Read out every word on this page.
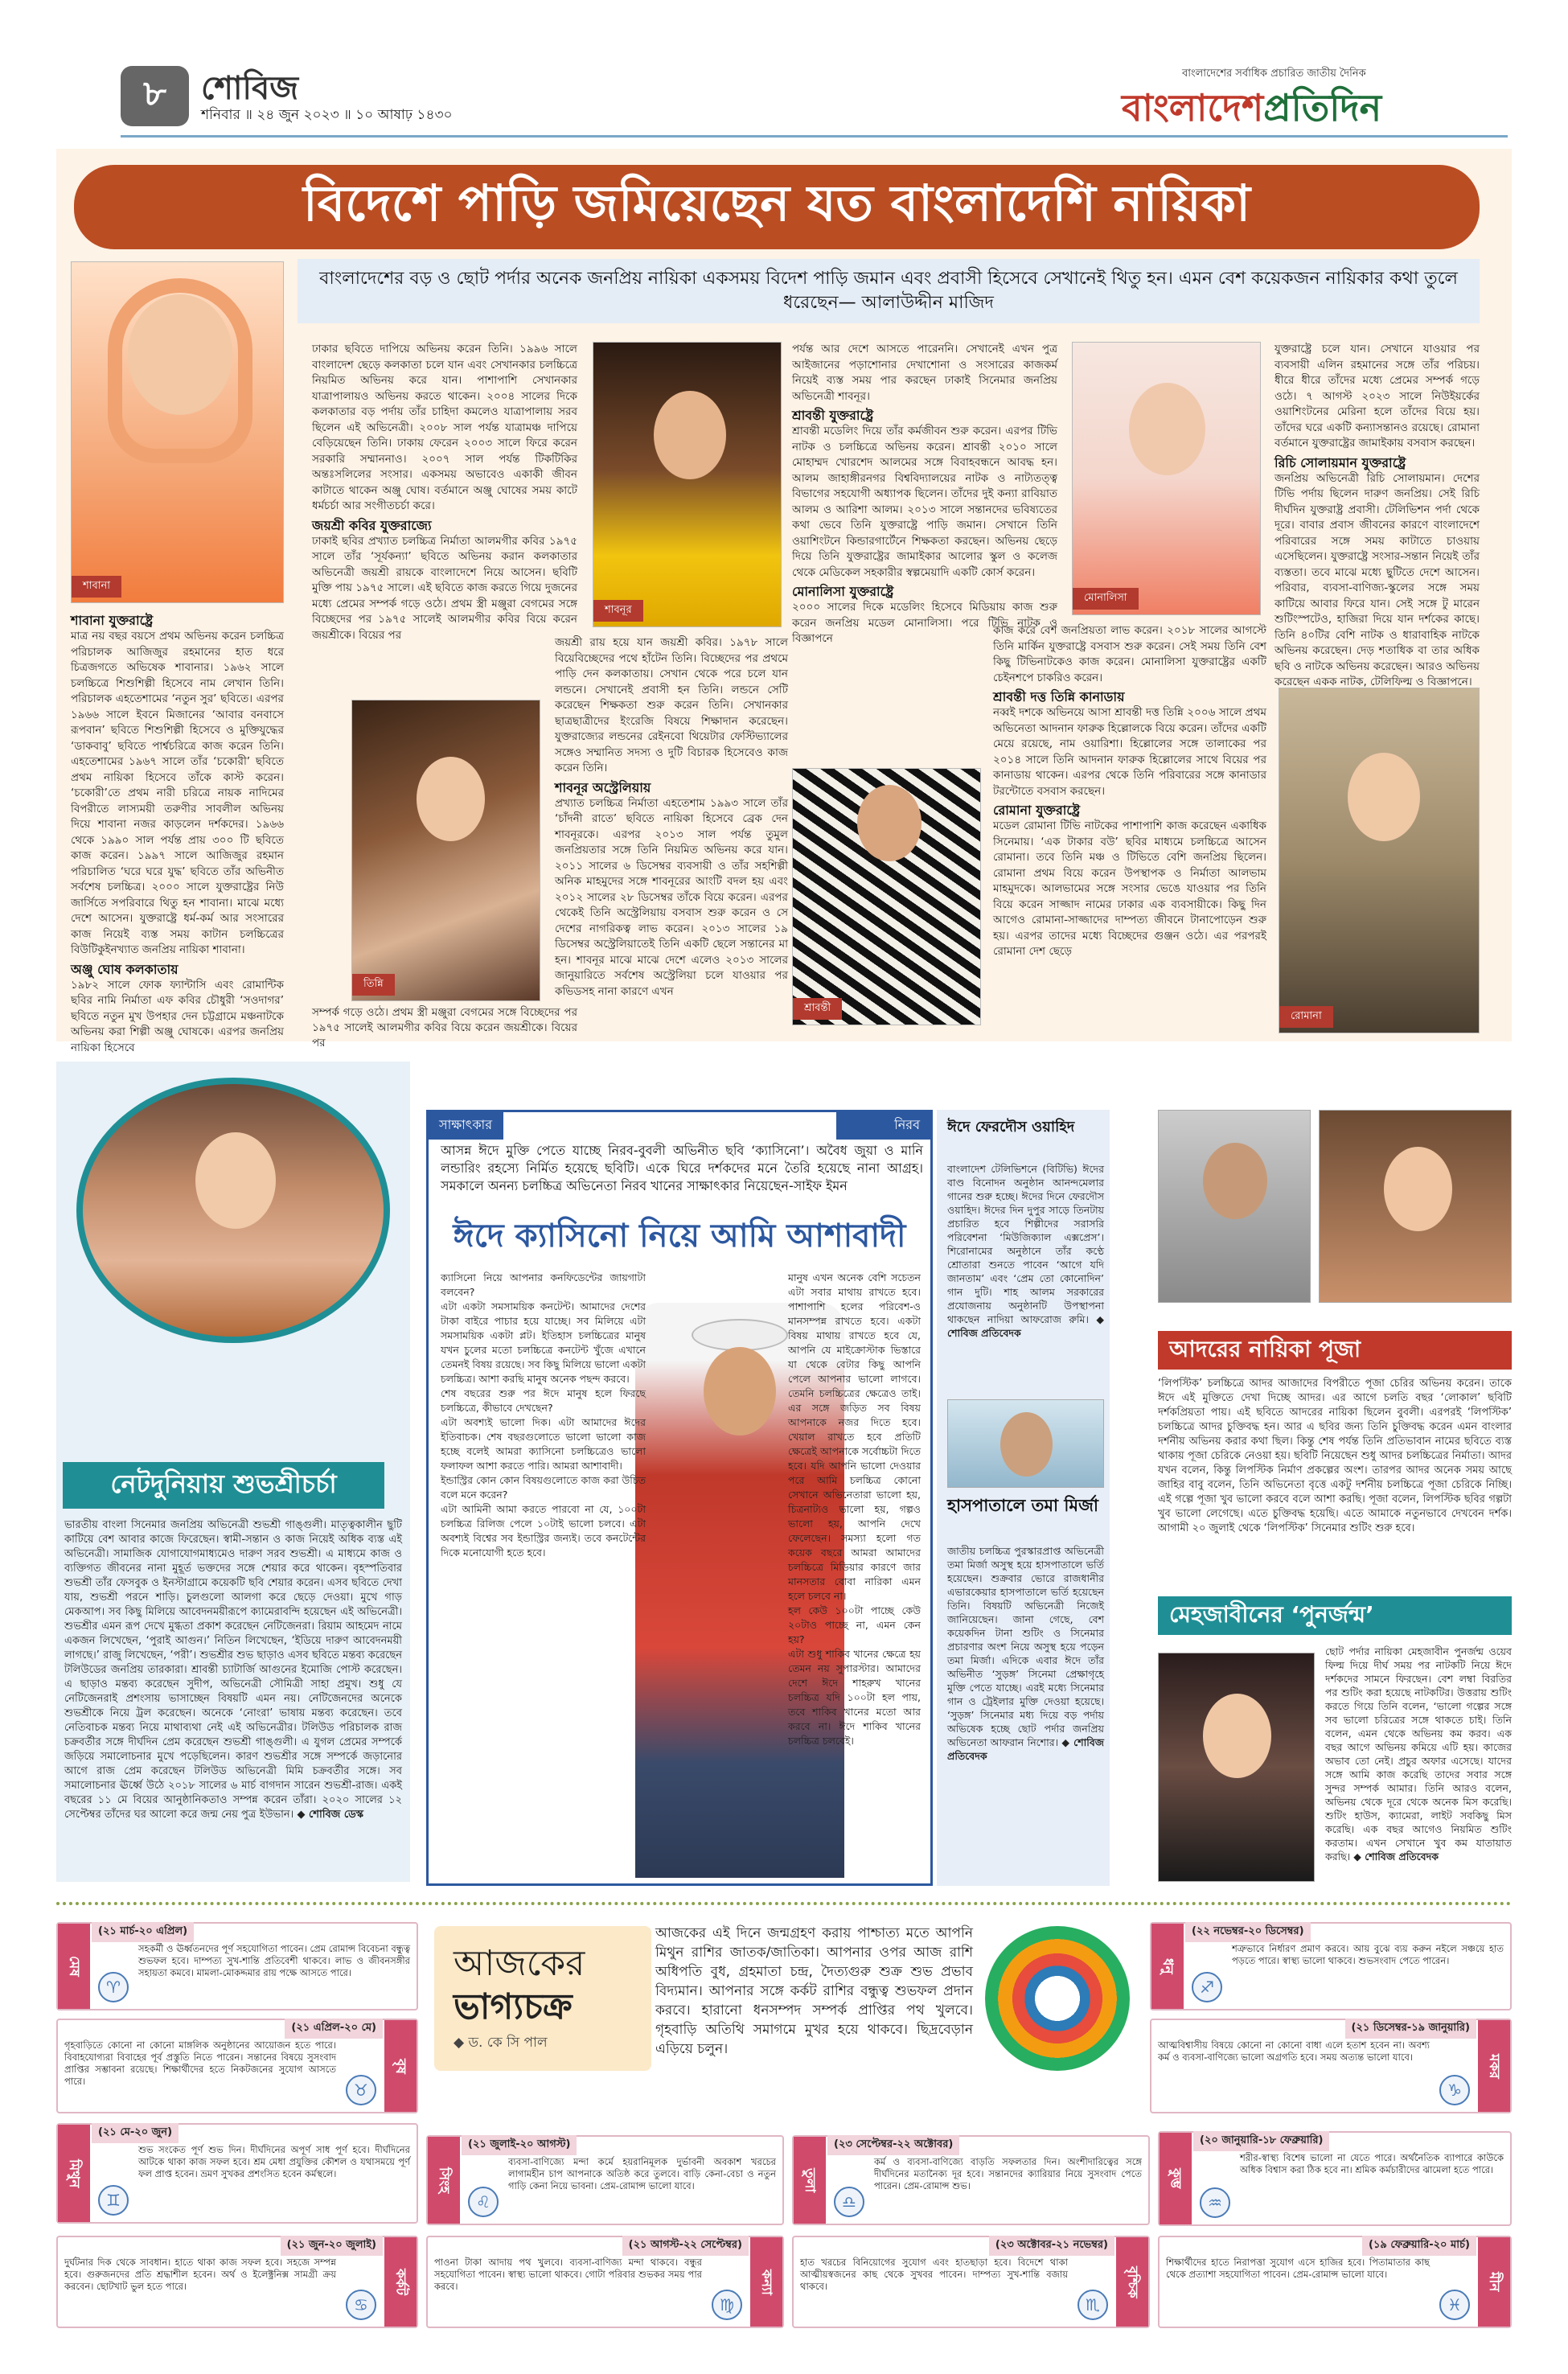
৮ শোবিজ
শনিবার ॥ ২৪ জুন ২০২৩ ॥ ১০ আষাঢ় ১৪৩০
বাংলাদেশের সর্বাধিক প্রচারিত জাতীয় দৈনিক
বাংলাদেশপ্রতিদিন
বিদেশে পাড়ি জমিয়েছেন যত বাংলাদেশি নায়িকা

বাংলাদেশের বড় ও ছোট পর্দার অনেক জনপ্রিয় নায়িকা একসময় বিদেশ পাড়ি জমান এবং প্রবাসী হিসেবে সেখানেই থিতু হন। এমন বেশ কয়েকজন নায়িকার কথা তুলে ধরেছেন— আলাউদ্দীন মাজিদ

শাবানা
শাবনূর
তিন্নি
শ্রাবন্তী
মোনালিসা
রোমানা
শাবানা যুক্তরাষ্ট্রে

মাত্র নয় বছর বয়সে প্রথম অভিনয় করেন চলচ্চিত্র পরিচালক আজিজুর রহমানের হাত ধরে চিত্রজগতে অভিষেক শাবানার। ১৯৬২ সালে চলচ্চিত্রে শিশুশিল্পী হিসেবে নাম লেখান তিনি। পরিচালক এহতেশামের ‘নতুন সুর’ ছবিতে। এরপর ১৯৬৬ সালে ইবনে মিজানের ‘আবার বনবাসে রূপবান’ ছবিতে শিশুশিল্পী হিসেবে ও মুক্তিযুদ্ধের ‘ডাকবাবু’ ছবিতে পার্শ্বচরিত্রে কাজ করেন তিনি। এহতেশামের ১৯৬৭ সালে তাঁর ‘চকোরী’ ছবিতে প্রথম নায়িকা হিসেবে তাঁকে কাস্ট করেন। ‘চকোরী’তে প্রথম নারী চরিত্রে নায়ক নাদিমের বিপরীতে লাস্যময়ী তরুণীর সাবলীল অভিনয় দিয়ে শাবানা নজর কাড়লেন দর্শকদের। ১৯৬৬ থেকে ১৯৯০ সাল পর্যন্ত প্রায় ৩০০ টি ছবিতে কাজ করেন। ১৯৯৭ সালে আজিজুর রহমান পরিচালিত ‘ঘরে ঘরে যুদ্ধ’ ছবিতে তাঁর অভিনীত সর্বশেষ চলচ্চিত্র। ২০০০ সালে যুক্তরাষ্ট্রের নিউ জার্সিতে সপরিবারে থিতু হন শাবানা। মাঝে মধ্যে দেশে আসেন। যুক্তরাষ্ট্রে ধর্ম-কর্ম আর সংসারের কাজ নিয়েই ব্যস্ত সময় কাটান চলচ্চিত্রের বিউটিকুইনখ্যাত জনপ্রিয় নায়িকা শাবানা।

অঞ্জু ঘোষ কলকাতায়

১৯৮২ সালে ফোক ফ্যান্টাসি এবং রোমান্টিক ছবির নামি নির্মাতা এফ কবির চৌধুরী ‘সওদাগর’ ছবিতে নতুন মুখ উপহার দেন চট্টগ্রামে মঞ্চনাটকে অভিনয় করা শিল্পী অঞ্জু ঘোষকে। এরপর জনপ্রিয় নায়িকা হিসেবে

ঢাকার ছবিতে দাপিয়ে অভিনয় করেন তিনি। ১৯৯৬ সালে বাংলাদেশ ছেড়ে কলকাতা চলে যান এবং সেখানকার চলচ্চিত্রে নিয়মিত অভিনয় করে যান। পাশাপাশি সেখানকার যাত্রাপালায়ও অভিনয় করতে থাকেন। ২০০৪ সালের দিকে কলকাতার বড় পর্দায় তাঁর চাহিদা কমলেও যাত্রাপালায় সরব ছিলেন এই অভিনেত্রী। ২০০৮ সাল পর্যন্ত যাত্রামঞ্চ দাপিয়ে বেড়িয়েছেন তিনি। ঢাকায় ফেরেন ২০০৩ সালে ফিরে করেন সরকারি সম্মাননাও। ২০০৭ সাল পর্যন্ত টিকটিকির অন্তঃসলিলের সংসার। একসময় অভাবেও একাকী জীবন কাটাতে থাকেন অঞ্জু ঘোষ। বর্তমানে অঞ্জু ঘোষের সময় কাটে ধর্মচর্চা আর সংগীতচর্চা করে।

জয়শ্রী কবির যুক্তরাজ্যে

ঢাকাই ছবির প্রখ্যাত চলচ্চিত্র নির্মাতা আলমগীর কবির ১৯৭৫ সালে তাঁর ‘সূর্যকন্যা’ ছবিতে অভিনয় করান কলকাতার অভিনেত্রী জয়শ্রী রায়কে বাংলাদেশে নিয়ে আসেন। ছবিটি মুক্তি পায় ১৯৭৫ সালে। এই ছবিতে কাজ করতে গিয়ে দুজনের মধ্যে প্রেমের সম্পর্ক গড়ে ওঠে। প্রথম স্ত্রী মঞ্জুরা বেগমের সঙ্গে বিচ্ছেদের পর ১৯৭৫ সালেই আলমগীর কবির বিয়ে করেন জয়শ্রীকে। বিয়ের পর

সম্পর্ক গড়ে ওঠে। প্রথম স্ত্রী মঞ্জুরা বেগমের সঙ্গে বিচ্ছেদের পর ১৯৭৫ সালেই আলমগীর কবির বিয়ে করেন জয়শ্রীকে। বিয়ের পর

জয়শ্রী রায় হয়ে যান জয়শ্রী কবির। ১৯৭৮ সালে বিয়েবিচ্ছেদের পথে হাঁটেন তিনি। বিচ্ছেদের পর প্রথমে পাড়ি দেন কলকাতায়। সেখান থেকে পরে চলে যান লন্ডনে। সেখানেই প্রবাসী হন তিনি। লন্ডনে সেটি করেছেন শিক্ষকতা শুরু করেন তিনি। সেখানকার ছাত্রছাত্রীদের ইংরেজি বিষয়ে শিক্ষাদান করেছেন। যুক্তরাজ্যের লন্ডনের রেইনবো থিয়েটার ফেস্টিভ্যালের সঙ্গেও সম্মানিত সদস্য ও দুটি বিচারক হিসেবেও কাজ করেন তিনি।

শাবনূর অস্ট্রেলিয়ায়

প্রখ্যাত চলচ্চিত্র নির্মাতা এহতেশাম ১৯৯৩ সালে তাঁর ‘চাঁদনী রাতে’ ছবিতে নায়িকা হিসেবে ব্রেক দেন শাবনূরকে। এরপর ২০১৩ সাল পর্যন্ত তুমুল জনপ্রিয়তার সঙ্গে তিনি নিয়মিত অভিনয় করে যান। ২০১১ সালের ৬ ডিসেম্বর ব্যবসায়ী ও তাঁর সহশিল্পী অনিক মাহমুদের সঙ্গে শাবনূরের আংটি বদল হয় এবং ২০১২ সালের ২৮ ডিসেম্বর তাঁকে বিয়ে করেন। এরপর থেকেই তিনি অস্ট্রেলিয়ায় বসবাস শুরু করেন ও সে দেশের নাগরিকত্ব লাভ করেন। ২০১৩ সালের ১৯ ডিসেম্বর অস্ট্রেলিয়াতেই তিনি একটি ছেলে সন্তানের মা হন। শাবনূর মাঝে মাঝে দেশে এলেও ২০১৩ সালের জানুয়ারিতে সর্বশেষ অস্ট্রেলিয়া চলে যাওয়ার পর কভিডসহ নানা কারণে এখন

পর্যন্ত আর দেশে আসতে পারেননি। সেখানেই এখন পুত্র আইজানের পড়াশোনার দেখাশোনা ও সংসারের কাজকর্ম নিয়েই ব্যস্ত সময় পার করছেন ঢাকাই সিনেমার জনপ্রিয় অভিনেত্রী শাবনূর।

শ্রাবন্তী যুক্তরাষ্ট্রে

শ্রাবন্তী মডেলিং দিয়ে তাঁর কর্মজীবন শুরু করেন। এরপর টিভি নাটক ও চলচ্চিত্রে অভিনয় করেন। শ্রাবন্তী ২০১০ সালে মোহাম্মদ খোরশেদ আলমের সঙ্গে বিবাহবন্ধনে আবদ্ধ হন। আলম জাহাঙ্গীরনগর বিশ্ববিদ্যালয়ের নাটক ও নাট্যতত্ত্ব বিভাগের সহযোগী অধ্যাপক ছিলেন। তাঁদের দুই কন্যা রাবিয়াত আলম ও আরিশা আলম। ২০১৩ সালে সন্তানদের ভবিষ্যতের কথা ভেবে তিনি যুক্তরাষ্ট্রে পাড়ি জমান। সেখানে তিনি ওয়াশিংটনে কিন্ডারগার্টেনে শিক্ষকতা করছেন। অভিনয় ছেড়ে দিয়ে তিনি যুক্তরাষ্ট্রের জামাইকার আলোর স্কুল ও কলেজ থেকে মেডিকেল সহকারীর স্বল্পমেয়াদি একটি কোর্স করেন।

মোনালিসা যুক্তরাষ্ট্রে

২০০০ সালের দিকে মডেলিং হিসেবে মিডিয়ায় কাজ শুরু করেন জনপ্রিয় মডেল মোনালিসা। পরে টিভি নাটক ও বিজ্ঞাপনে

কাজ করে বেশ জনপ্রিয়তা লাভ করেন। ২০১৮ সালের আগস্টে তিনি মার্কিন যুক্তরাষ্ট্রে বসবাস শুরু করেন। সেই সময় তিনি বেশ কিছু টিভিনাটকেও কাজ করেন। মোনালিসা যুক্তরাষ্ট্রের একটি চেইনশপে চাকরিও করেন।

শ্রাবন্তী দত্ত তিন্নি কানাডায়

নব্বই দশকে অভিনয়ে আসা শ্রাবন্তী দত্ত তিন্নি ২০০৬ সালে প্রথম অভিনেতা আদনান ফারুক হিল্লোলকে বিয়ে করেন। তাঁদের একটি মেয়ে রয়েছে, নাম ওয়ারিশা। হিল্লোলের সঙ্গে তালাকের পর ২০১৪ সালে তিনি আদনান ফারুক হিল্লোলের সাথে বিয়ের পর কানাডায় থাকেন। এরপর থেকে তিনি পরিবারের সঙ্গে কানাডার টরন্টোতে বসবাস করছেন।

রোমানা যুক্তরাষ্ট্রে

মডেল রোমানা টিভি নাটকের পাশাপাশি কাজ করেছেন একাধিক সিনেমায়। ‘এক টাকার বউ’ ছবির মাধ্যমে চলচ্চিত্রে আসেন রোমানা। তবে তিনি মঞ্চ ও টিভিতে বেশি জনপ্রিয় ছিলেন। রোমানা প্রথম বিয়ে করেন উপস্থাপক ও নির্মাতা আলভাম মাহমুদকে। আলভামের সঙ্গে সংসার ভেঙে যাওয়ার পর তিনি বিয়ে করেন সাজ্জাদ নামের ঢাকার এক ব্যবসায়ীকে। কিছু দিন আগেও রোমানা-সাজ্জাদের দাম্পত্য জীবনে টানাপোড়েন শুরু হয়। এরপর তাদের মধ্যে বিচ্ছেদের গুঞ্জন ওঠে। এর পরপরই রোমানা দেশ ছেড়ে

যুক্তরাষ্ট্রে চলে যান। সেখানে যাওয়ার পর ব্যবসায়ী এলিন রহমানের সঙ্গে তাঁর পরিচয়। ধীরে ধীরে তাঁদের মধ্যে প্রেমের সম্পর্ক গড়ে ওঠে। ৭ আগস্ট ২০২৩ সালে নিউইয়র্কের ওয়াশিংটনের মেরিনা হলে তাঁদের বিয়ে হয়। তাঁদের ঘরে একটি কন্যাসন্তানও রয়েছে। রোমানা বর্তমানে যুক্তরাষ্ট্রের জামাইকায় বসবাস করছেন।

রিচি সোলায়মান যুক্তরাষ্ট্রে

জনপ্রিয় অভিনেত্রী রিচি সোলায়মান। দেশের টিভি পর্দায় ছিলেন দারুণ জনপ্রিয়। সেই রিচি দীর্ঘদিন যুক্তরাষ্ট্র প্রবাসী। টেলিভিশন পর্দা থেকে দূরে। বাবার প্রবাস জীবনের কারণে বাংলাদেশে পরিবারের সঙ্গে সময় কাটাতে চাওয়ায় এসেছিলেন। যুক্তরাষ্ট্রে সংসার-সন্তান নিয়েই তাঁর ব্যস্ততা। তবে মাঝে মধ্যে ছুটিতে দেশে আসেন। পরিবার, ব্যবসা-বাণিজ্য-স্কুলের সঙ্গে সময় কাটিয়ে আবার ফিরে যান। সেই সঙ্গে টু মারেন শুটিংস্পটেও, হাজিরা দিয়ে যান দর্শকের কাছে। তিনি ৪০টির বেশি নাটক ও ধারাবাহিক নাটকে অভিনয় করেছেন। দেড় শতাধিক বা তার অধিক ছবি ও নাটকে অভিনয় করেছেন। আরও অভিনয় করেছেন একক নাটক, টেলিফিল্ম ও বিজ্ঞাপনে।

নেটদুনিয়ায় শুভশ্রীচর্চা

ভারতীয় বাংলা সিনেমার জনপ্রিয় অভিনেত্রী শুভশ্রী গাঙ্গুলী। মাতৃত্বকালীন ছুটি কাটিয়ে বেশ আবার কাজে ফিরেছেন। স্বামী-সন্তান ও কাজ নিয়েই অধিক ব্যস্ত এই অভিনেত্রী। সামাজিক যোগাযোগমাধ্যমেও দারুণ সরব শুভশ্রী। এ মাধ্যমে কাজ ও ব্যক্তিগত জীবনের নানা মুহূর্ত ভক্তদের সঙ্গে শেয়ার করে থাকেন। বৃহস্পতিবার শুভশ্রী তাঁর ফেসবুক ও ইনস্টাগ্রামে কয়েকটি ছবি শেয়ার করেন। এসব ছবিতে দেখা যায়, শুভশ্রী পরনে শাড়ি। চুলগুলো আলগা করে ছেড়ে দেওয়া। মুখে গাড় মেকআপ। সব কিছু মিলিয়ে আবেদনময়ীরূপে ক্যামেরাবন্দি হয়েছেন এই অভিনেত্রী। শুভশ্রীর এমন রূপ দেখে মুগ্ধতা প্রকাশ করেছেন নেটিজেনরা। রিয়াম আহমেদ নামে একজন লিখেছেন, ‘পুরাই আগুন।’ নিতিন লিখেছেন, ‘ইডিয়ে দারুণ আবেদনময়ী লাগছে।’ রাজু লিখেছেন, ‘পরী’। শুভশ্রীর শুভ ছাড়াও এসব ছবিতে মন্তব্য করেছেন টলিউডের জনপ্রিয় তারকারা। শ্রাবন্তী চ্যাটার্জি আগুনের ইমোজি পোস্ট করেছেন। এ ছাড়াও মন্তব্য করেছেন সুদীপ, অভিনেত্রী সৌমিত্রী সাহা প্রমুখ। শুধু যে নেটিজেনরাই প্রশংসায় ভাসাচ্ছেন বিষয়টি এমন নয়। নেটিজেনদের অনেকে শুভশ্রীকে নিয়ে ট্রল করেছেন। অনেকে ‘নোংরা’ ভাষায় মন্তব্য করেছেন। তবে নেতিবাচক মন্তব্য নিয়ে মাথাব্যথা নেই এই অভিনেত্রীর। টলিউড পরিচালক রাজ চক্রবর্তীর সঙ্গে দীর্ঘদিন প্রেম করেছেন শুভশ্রী গাঙ্গুলী। এ যুগল প্রেমের সম্পর্কে জড়িয়ে সমালোচনার মুখে পড়েছিলেন। কারণ শুভশ্রীর সঙ্গে সম্পর্কে জড়ানোর আগে রাজ প্রেম করেছেন টলিউড অভিনেত্রী মিমি চক্রবর্তীর সঙ্গে। সব সমালোচনার ঊর্ধ্বে উঠে ২০১৮ সালের ৬ মার্চ বাগদান সারেন শুভশ্রী-রাজ। একই বছরের ১১ মে বিয়ের আনুষ্ঠানিকতাও সম্পন্ন করেন তাঁরা। ২০২০ সালের ১২ সেপ্টেম্বর তাঁদের ঘর আলো করে জন্ম নেয় পুত্র ইউভান। ◆ শোবিজ ডেস্ক

সাক্ষাৎকার	নিরব
আসন্ন ঈদে মুক্তি পেতে যাচ্ছে নিরব-বুবলী অভিনীত ছবি ‘ক্যাসিনো’। অবৈধ জুয়া ও মানি লন্ডারিং রহস্যে নির্মিত হয়েছে ছবিটি। একে ঘিরে দর্শকদের মনে তৈরি হয়েছে নানা আগ্রহ। সমকালে অনন্য চলচ্চিত্র অভিনেতা নিরব খানের সাক্ষাৎকার নিয়েছেন-সাইফ ইমন
ঈদে ক্যাসিনো নিয়ে আমি আশাবাদী
ক্যাসিনো নিয়ে আপনার কনফিডেন্টের জায়গাটা বলবেন?
এটা একটা সমসাময়িক কনটেন্ট। আমাদের দেশের টাকা বাইরে পাচার হয়ে যাচ্ছে। সব মিলিয়ে এটা সমসাময়িক একটা প্লট। ইতিহাস চলচ্চিত্রের মানুষ যখন চুলের মতো চলচ্চিত্রে কনটেন্ট খুঁজে এখানে তেমনই বিষয় রয়েছে। সব কিছু মিলিয়ে ভালো একটা চলচ্চিত্র। আশা করছি মানুষ অনেক পছন্দ করবে।
শেষ বছরের শুরু পর ঈদে মানুষ হলে ফিরছে চলচ্চিত্রে, কীভাবে দেখছেন?
এটা অবশ্যই ভালো দিক। এটা আমাদের ঈদের ইতিবাচক। শেষ বছরগুলোতে ভালো ভালো কাজ হচ্ছে বলেই আমরা ক্যাসিনো চলচ্চিত্রেও ভালো ফলাফল আশা করতে পারি। আমরা আশাবাদী।
ইন্ডাস্ট্রির কোন কোন বিষয়গুলোতে কাজ করা উচিত বলে মনে করেন?
এটা আমিনী আমা করতে পারবো না যে, ১০০টা চলচ্চিত্র রিলিজ পেলে ১০টাই ভালো চলবে। এটা অবশ্যই বিশ্বের সব ইন্ডাস্ট্রির জন্যই। তবে কনটেন্টের দিকে মনোযোগী হতে হবে।
মানুষ এখন অনেক বেশি সচেতন এটা সবার মাথায় রাখতে হবে। পাশাপাশি হলের পরিবেশ-ও মানসম্পন্ন রাখতে হবে। একটা বিষয় মাথায় রাখতে হবে যে, আপনি যে মাইক্রোস্টাক ভিস্তারে যা থেকে বেটার কিছু আপনি পেলে আপনার ভালো লাগবে। তেমনি চলচ্চিত্রের ক্ষেত্রেও তাই। এর সঙ্গে জড়িত সব বিষয় আপনাকে নজর দিতে হবে। খেয়াল রাখতে হবে প্রতিটি ক্ষেত্রেই আপনাকে সর্বোচ্চটা দিতে হবে। যদি আপনি ভালো দেওয়ার পরে আমি চলচ্চিত্র কোনো সেখানে অভিনেতারা ভালো হয়, চিত্রনাট্যও ভালো হয়, গল্পও ভালো হয়, আপনি দেখে ফেলেছেন। সমস্যা হলো গত কয়েক বছরে আমরা আমাদের চলচ্চিত্রে মিডিয়ার কারণে জার মানসতার বোবা নারিকা এমন হলে চলবে না।
হল কেউ ১০০টা পাচ্ছে কেউ ২০টাও পাচ্ছে না, এমন কেন হয়?
এটা শুধু শাকিব খানের ক্ষেত্রে হয় তেমন নয় সুপারস্টার। আমাদের দেশে ঈদে শাহরুখ খানের চলচ্চিত্র যদি ১০০টা হল পায়, তবে শাকিব খানের মতো আর করবে না। ঈদে শাকিব খানের চলচ্চিত্র চলবেই।
ঈদে ফেরদৌস ওয়াহিদ

বাংলাদেশ টেলিভিশনে (বিটিভি) ঈদের বাণ্ড বিনোদন অনুষ্ঠান আনন্দমেলার গানের শুরু হচ্ছে। ঈদের দিনে ফেরদৌস ওয়াহিদ। ঈদের দিন দুপুর সাড়ে তিনটায় প্রচারিত হবে শিল্পীদের সরাসরি পরিবেশনা ‘মিউজিক্যাল এক্সপ্রেস’। শিরোনামের অনুষ্ঠানে তাঁর কণ্ঠে শ্রোতারা শুনতে পাবেন ‘আগে যদি জানতাম’ এবং ‘প্রেম তো কোনোদিন’ গান দুটি। শাহ আলম সরকারের প্রযোজনায় অনুষ্ঠানটি উপস্থাপনা থাকছেন নাদিয়া আফরোজ রুমি। ◆ শোবিজ প্রতিবেদক

হাসপাতালে তমা মির্জা

জাতীয় চলচ্চিত্র পুরস্কারপ্রাপ্ত অভিনেত্রী তমা মির্জা অসুস্থ হয়ে হাসপাতালে ভর্তি হয়েছেন। শুক্রবার ভোরে রাজধানীর এভারকেয়ার হাসপাতালে ভর্তি হয়েছেন তিনি। বিষয়টি অভিনেত্রী নিজেই জানিয়েছেন। জানা গেছে, বেশ কয়েকদিন টানা শুটিং ও সিনেমার প্রচারণার অংশ নিয়ে অসুস্থ হয়ে পড়েন তমা মির্জা। এদিকে এবার ঈদে তাঁর অভিনীত ‘সুড়ঙ্গ’ সিনেমা প্রেক্ষাগৃহে মুক্তি পেতে যাচ্ছে। এরই মধ্যে সিনেমার গান ও ট্রেইলার মুক্তি দেওয়া হয়েছে। ‘সুড়ঙ্গ’ সিনেমার মধ্য দিয়ে বড় পর্দায় অভিষেক হচ্ছে ছোট পর্দার জনপ্রিয় অভিনেতা আফরান নিশোর। ◆ শোবিজ প্রতিবেদক

আদরের নায়িকা পূজা

‘লিপস্টিক’ চলচ্চিত্রে আদর আজাদের বিপরীতে পূজা চেরির অভিনয় করেন। তাকে ঈদে এই মুক্তিতে দেখা দিচ্ছে আদর। এর আগে চলতি বছর ‘লোকাল’ ছবিটি দর্শকপ্রিয়তা পায়। এই ছবিতে আদরের নায়িকা ছিলেন বুবলী। এরপরই ‘লিপস্টিক’ চলচ্চিত্রে আদর চুক্তিবদ্ধ হন। আর এ ছবির জন্য তিনি চুক্তিবদ্ধ করেন এমন বাংলার দর্শনীয় অভিনয় করার কথা ছিল। কিন্তু শেষ পর্যন্ত তিনি প্রতিভাবান নামের ছবিতে ব্যস্ত থাকায় পূজা চেরিকে নেওয়া হয়। ছবিটি নিয়েছেন শুধু আদর চলচ্চিত্রের নির্মাতা। আদর যখন বলেন, কিন্তু লিপস্টিক নির্মাণ প্রকল্পের অংশ। তারপর আদর অনেক সময় আছে জাহির বাবু বলেন, তিনি অভিনেতা বৃত্তে একটু দর্শনীয় চলচ্চিত্রে পূজা চেরিকে নিচ্ছি। এই গল্পে পূজা খুব ভালো করবে বলে আশা করছি। পূজা বলেন, লিপস্টিক ছবির গল্পটা খুব ভালো লেগেছে। এতে চুক্তিবদ্ধ হয়েছি। এতে আমাকে নতুনভাবে দেখবেন দর্শক। আগামী ২০ জুলাই থেকে ‘লিপস্টিক’ সিনেমার শুটিং শুরু হবে।

মেহজাবীনের ‘পুনর্জন্ম’

ছোট পর্দার নায়িকা মেহজাবীন পুনর্জন্ম ওয়েব ফিল্ম দিয়ে দীর্ঘ সময় পর নাটকটি নিয়ে ঈদে দর্শকদের সামনে ফিরছেন। বেশ লম্বা বিরতির পর শুটিং করা হয়েছে নাটকটির। উত্তরায় শুটিং করতে গিয়ে তিনি বলেন, ‘ভালো গল্পের সঙ্গে সব ভালো চরিত্রের সঙ্গে থাকতে চাই। তিনি বলেন, এমন থেকে অভিনয় কম করব। এক বছর আগে অভিনয় কমিয়ে এটি হয়। কাজের অভাব তো নেই। প্রচুর অফার এসেছে। যাদের সঙ্গে আমি কাজ করেছি তাদের সবার সঙ্গে সুন্দর সম্পর্ক আমার। তিনি আরও বলেন, অভিনয় থেকে দূরে থেকে অনেক মিস করেছি। শুটিং হাউস, ক্যামেরা, লাইট সবকিছু মিস করেছি। এক বছর আগেও নিয়মিত শুটিং করতাম। এখন সেখানে খুব কম যাতায়াত করছি। ◆ শোবিজ প্রতিবেদক

আজকের
ভাগ্যচক্র
◆ ড. কে সি পাল
আজকের এই দিনে জন্মগ্রহণ করায় পাশ্চাত্য মতে আপনি মিথুন রাশির জাতক/জাতিকা। আপনার ওপর আজ রাশি অধিপতি বুধ, গ্রহমাতা চন্দ্র, দৈত্যগুরু শুক্র শুভ প্রভাব বিদ্যমান। আপনার সঙ্গে কর্কট রাশির বন্ধুত্ব শুভফল প্রদান করবে। হারানো ধনসম্পদ সম্পর্ক প্রাপ্তির পথ খুলবে। গৃহবাড়ি অতিথি সমাগমে মুখর হয়ে থাকবে। ছিদ্রবেড়ান এড়িয়ে চলুন।
মেষ
(২১ মার্চ-২০ এপ্রিল)
♈
সহকর্মী ও ঊর্ধ্বতনদের পূর্ণ সহযোগিতা পাবেন। প্রেম রোমান্স বিবেচনা বন্ধুত্ব শুভফল হবে। দাম্পত্য সুখ-শান্তি প্রতিবেশী থাকবে। লাভ ও জীবনসঙ্গীর সহায়তা কমবে। মামলা-মোকদ্দমার রায় পক্ষে আসতে পারে।
বৃষ
(২১ এপ্রিল-২০ মে)
♉
গৃহবাড়িতে কোনো না কোনো মাঙ্গলিক অনুষ্ঠানের আয়োজন হতে পারে। বিবাহযোগ্যরা বিবাহের পূর্ব প্রস্তুতি নিতে পারেন। সন্তানের বিষয়ে সুসংবাদ প্রাপ্তির সম্ভাবনা রয়েছে। শিক্ষার্থীদের হতে নিকটজনের সুযোগ আসতে পারে।
মিথুন
(২১ মে-২০ জুন)
♊
শুভ সংকেত পূর্ণ শুভ দিন। দীর্ঘদিনের অপূর্ণ সাধ পূর্ণ হবে। দীর্ঘদিনের আটকে থাকা কাজ সফল হবে। শ্রম মেধা প্রযুক্তির কৌশল ও যথাসময়ে পূর্ণ ফল প্রাপ্ত হবেন। ভ্রমণ সুখকর প্রশংসিত হবেন কর্মস্থলে।
কর্কট
(২১ জুন-২০ জুলাই)
♋
দুর্ঘটনার দিক থেকে সাবধান। হাতে থাকা কাজ সফল হবে। সহজে সম্পন্ন হবে। গুরুজনদের প্রতি শ্রদ্ধাশীল হবেন। অর্থ ও ইলেক্ট্রনিক্স সামগ্রী ক্রয় করবেন। ছোটখাট ভুল হতে পারে।
সিংহ
(২১ জুলাই-২০ আগস্ট)
♌
ব্যবসা-বাণিজ্যে মন্দা কর্মে হয়রানিমূলক দুর্ভাবনী অবকাশ খরচের লাগামহীন চাপ আপনাকে অতিষ্ঠ করে তুলবে। বাড়ি কেনা-বেচা ও নতুন গাড়ি কেনা নিয়ে ভাবনা। প্রেম-রোমান্স ভালো যাবে।
কন্যা
(২১ আগস্ট-২২ সেপ্টেম্বর)
♍
পাওনা টাকা আদায় পথ খুলবে। ব্যবসা-বাণিজ্য মন্দা থাকবে। বন্ধুর সহযোগিতা পাবেন। স্বাস্থ্য ভালো থাকবে। গোটা পরিবার শুভকর সময় পার করবে।
তুলা
(২৩ সেপ্টেম্বর-২২ অক্টোবর)
♎
কর্ম ও ব্যবসা-বাণিজ্যে বাড়তি সফলতার দিন। অংশীদারিত্বের সঙ্গে দীর্ঘদিনের মতানৈক্য দূর হবে। সন্তানদের ক্যারিয়ার নিয়ে সুসংবাদ পেতে পারেন। প্রেম-রোমান্স শুভ।
বৃশ্চিক
(২৩ অক্টোবর-২১ নভেম্বর)
♏
হাত খরচের বিনিয়োগের সুযোগ এবং হাতছাড়া হবে। বিদেশে থাকা আত্মীয়স্বজনের কাছ থেকে সুখবর পাবেন। দাম্পত্য সুখ-শান্তি বজায় থাকবে।
ধনু
(২২ নভেম্বর-২০ ডিসেম্বর)
♐
শত্রুভাবে নির্ধারণ প্রমাণ করবে। আয় বুঝে ব্যয় করুন নইলে সঞ্চয়ে হাত পড়তে পারে। স্বাস্থ্য ভালো থাকবে। শুভসংবাদ পেতে পারেন।
মকর
(২১ ডিসেম্বর-১৯ জানুয়ারি)
♑
আত্মবিশ্বাসীয় বিষয়ে কোনো না কোনো বাধা এলে হতাশ হবেন না। অবশ্য কর্ম ও ব্যবসা-বাণিজ্যে ভালো অগ্রগতি হবে। সময় অত্যন্ত ভালো যাবে।
কুম্ভ
(২০ জানুয়ারি-১৮ ফেব্রুয়ারি)
♒
শরীর-স্বাস্থ্য বিশেষ ভালো না যেতে পারে। অর্থনৈতিক ব্যাপারে কাউকে অধিক বিশ্বাস করা ঠিক হবে না। শ্রমিক কর্মচারীদের ঝামেলা হতে পারে।
মীন
(১৯ ফেব্রুয়ারি-২০ মার্চ)
♓
শিক্ষার্থীদের হাতে নিরাপত্তা সুযোগ এসে হাজির হবে। পিতামাতার কাছ থেকে প্রত্যাশা সহযোগিতা পাবেন। প্রেম-রোমান্স ভালো যাবে।
